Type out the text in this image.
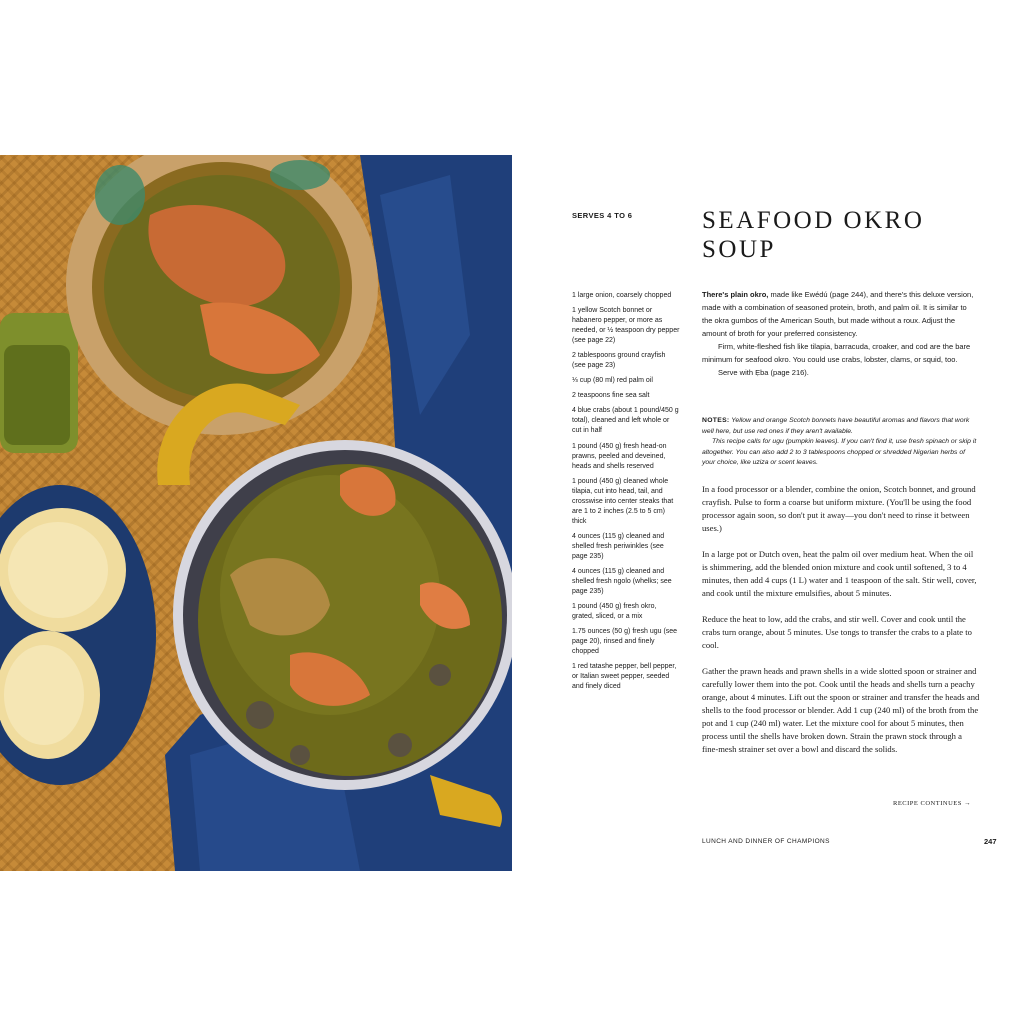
SERVES 4 TO 6	SEAFOOD OKRO
SOUP
1 large onion, coarsely chopped
1 yellow Scotch bonnet or habanero pepper, or more as needed, or ½ teaspoon dry pepper (see page 22)
2 tablespoons ground crayfish (see page 23)
⅓ cup (80 ml) red palm oil
2 teaspoons fine sea salt
4 blue crabs (about 1 pound/450 g total), cleaned and left whole or cut in half
1 pound (450 g) fresh head-on prawns, peeled and deveined, heads and shells reserved
1 pound (450 g) cleaned whole tilapia, cut into head, tail, and crosswise into center steaks that are 1 to 2 inches (2.5 to 5 cm) thick
4 ounces (115 g) cleaned and shelled fresh periwinkles (see page 235)
4 ounces (115 g) cleaned and shelled fresh ngolo (whelks; see page 235)
1 pound (450 g) fresh okro, grated, sliced, or a mix
1.75 ounces (50 g) fresh ugu (see page 20), rinsed and finely chopped
1 red tatashe pepper, bell pepper, or Italian sweet pepper, seeded and finely diced

There's plain okro, made like Ewédú (page 244), and there's this deluxe version, made with a combination of seasoned protein, broth, and palm oil. It is similar to the okra gumbos of the American South, but made without a roux. Adjust the amount of broth for your preferred consistency.

Firm, white-fleshed fish like tilapia, barracuda, croaker, and cod are the bare minimum for seafood okro. You could use crabs, lobster, clams, or squid, too.

Serve with Ẹba (page 216).

NOTES: Yellow and orange Scotch bonnets have beautiful aromas and flavors that work well here, but use red ones if they aren't available.

This recipe calls for ugu (pumpkin leaves). If you can't find it, use fresh spinach or skip it altogether. You can also add 2 to 3 tablespoons chopped or shredded Nigerian herbs of your choice, like uziza or scent leaves.

In a food processor or a blender, combine the onion, Scotch bonnet, and ground crayfish. Pulse to form a coarse but uniform mixture. (You'll be using the food processor again soon, so don't put it away—you don't need to rinse it between uses.)

In a large pot or Dutch oven, heat the palm oil over medium heat. When the oil is shimmering, add the blended onion mixture and cook until softened, 3 to 4 minutes, then add 4 cups (1 L) water and 1 teaspoon of the salt. Stir well, cover, and cook until the mixture emulsifies, about 5 minutes.

Reduce the heat to low, add the crabs, and stir well. Cover and cook until the crabs turn orange, about 5 minutes. Use tongs to transfer the crabs to a plate to cool.

Gather the prawn heads and prawn shells in a wide slotted spoon or strainer and carefully lower them into the pot. Cook until the heads and shells turn a peachy orange, about 4 minutes. Lift out the spoon or strainer and transfer the heads and shells to the food processor or blender. Add 1 cup (240 ml) of the broth from the pot and 1 cup (240 ml) water. Let the mixture cool for about 5 minutes, then process until the shells have broken down. Strain the prawn stock through a fine-mesh strainer set over a bowl and discard the solids.

RECIPE CONTINUES →
LUNCH AND DINNER OF CHAMPIONS	247
